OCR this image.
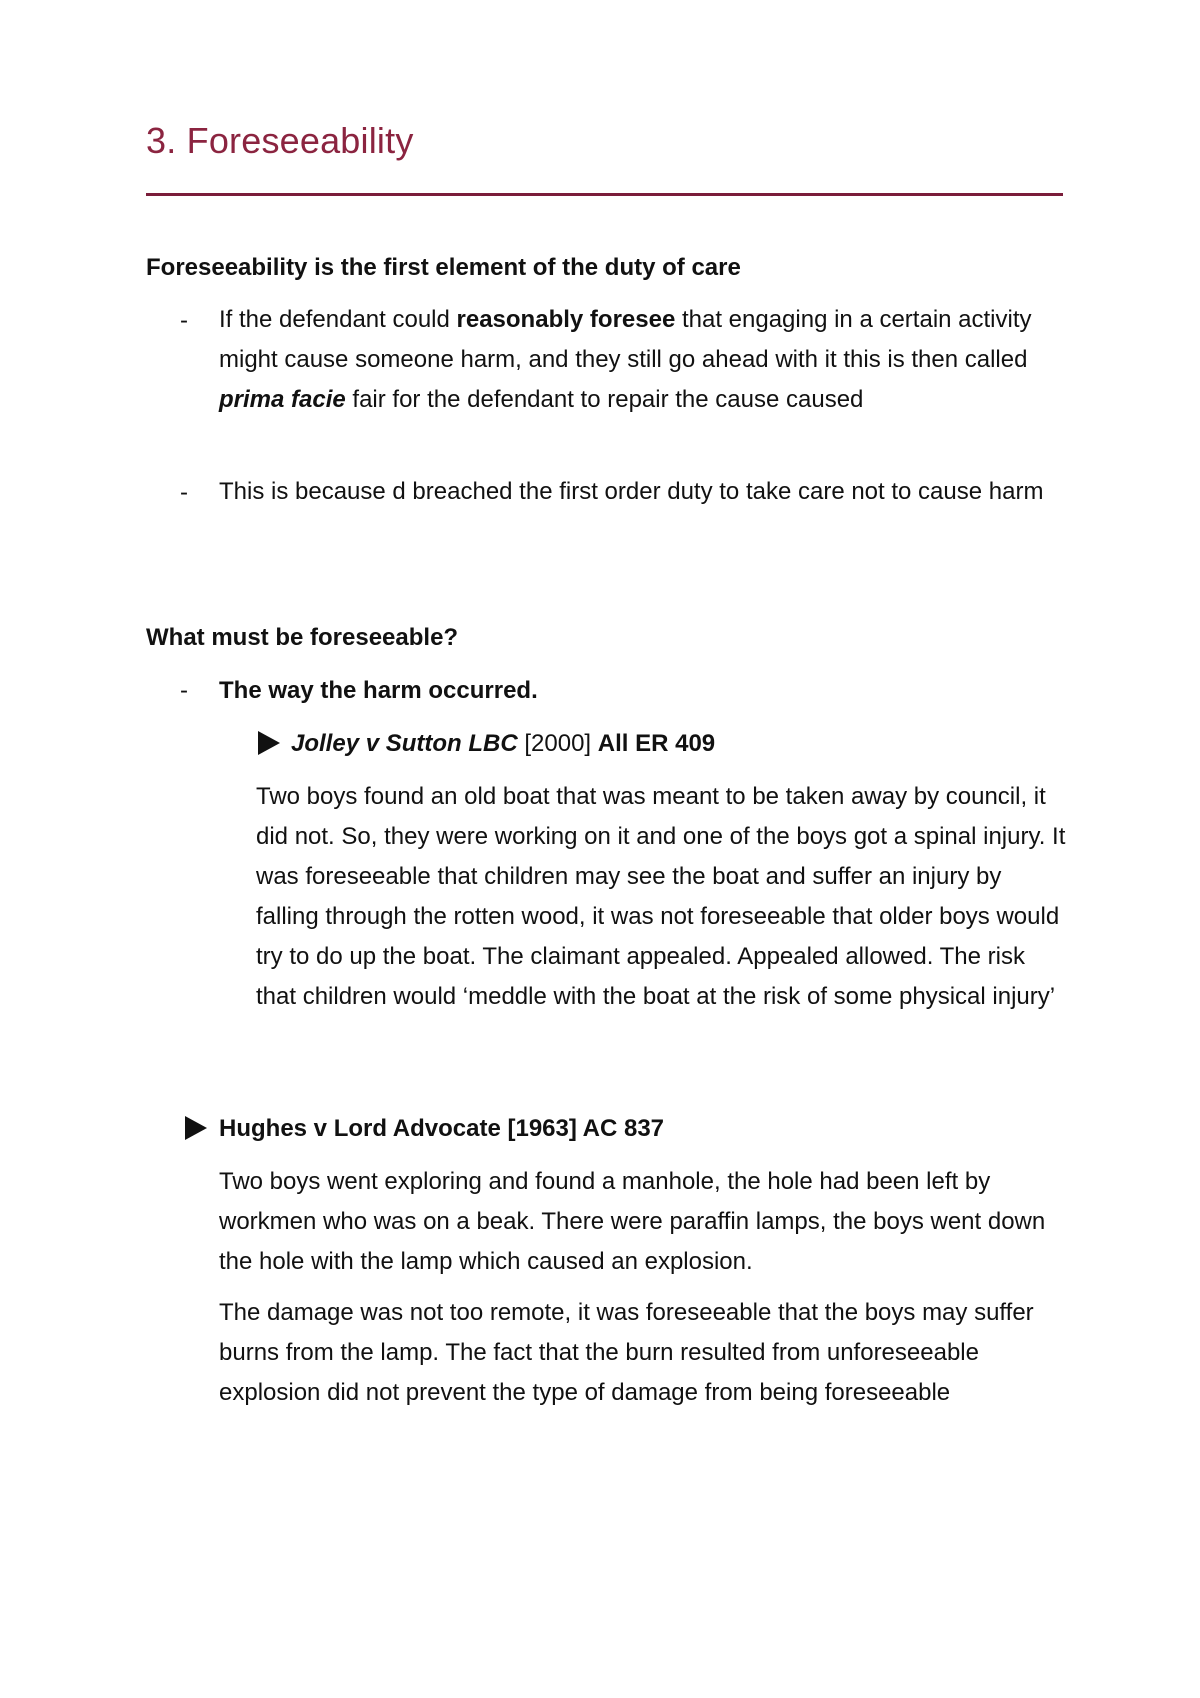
3. Foreseeability

Foreseeability is the first element of the duty of care

- If the defendant could reasonably foresee that engaging in a certain activity might cause someone harm, and they still go ahead with it this is then called prima facie fair for the defendant to repair the cause caused

- This is because d breached the first order duty to take care not to cause harm

What must be foreseeable?

- The way the harm occurred.

Jolley v Sutton LBC [2000] All ER 409

Two boys found an old boat that was meant to be taken away by council, it did not. So, they were working on it and one of the boys got a spinal injury. It was foreseeable that children may see the boat and suffer an injury by falling through the rotten wood, it was not foreseeable that older boys would try to do up the boat. The claimant appealed. Appealed allowed. The risk that children would ‘meddle with the boat at the risk of some physical injury’

Hughes v Lord Advocate [1963] AC 837

Two boys went exploring and found a manhole, the hole had been left by workmen who was on a beak. There were paraffin lamps, the boys went down the hole with the lamp which caused an explosion.

The damage was not too remote, it was foreseeable that the boys may suffer burns from the lamp. The fact that the burn resulted from unforeseeable explosion did not prevent the type of damage from being foreseeable
